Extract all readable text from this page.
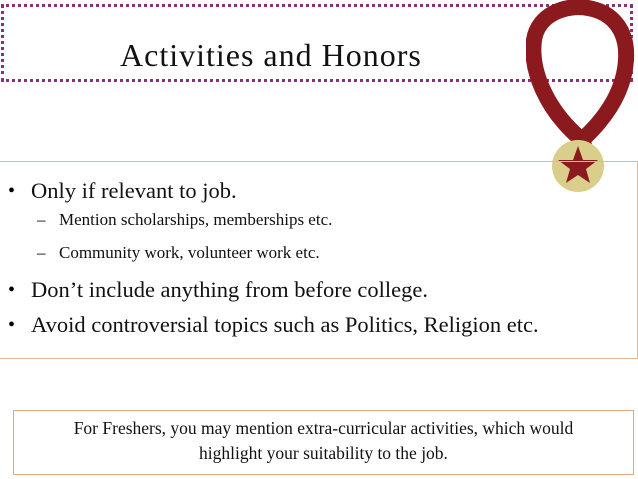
Activities and Honors
• Only if relevant to job.
– Mention scholarships, memberships etc.
– Community work, volunteer work etc.
• Don’t include anything from before college.
• Avoid controversial topics such as Politics, Religion etc.
For Freshers, you may mention extra-curricular activities, which would
highlight your suitability to the job.
